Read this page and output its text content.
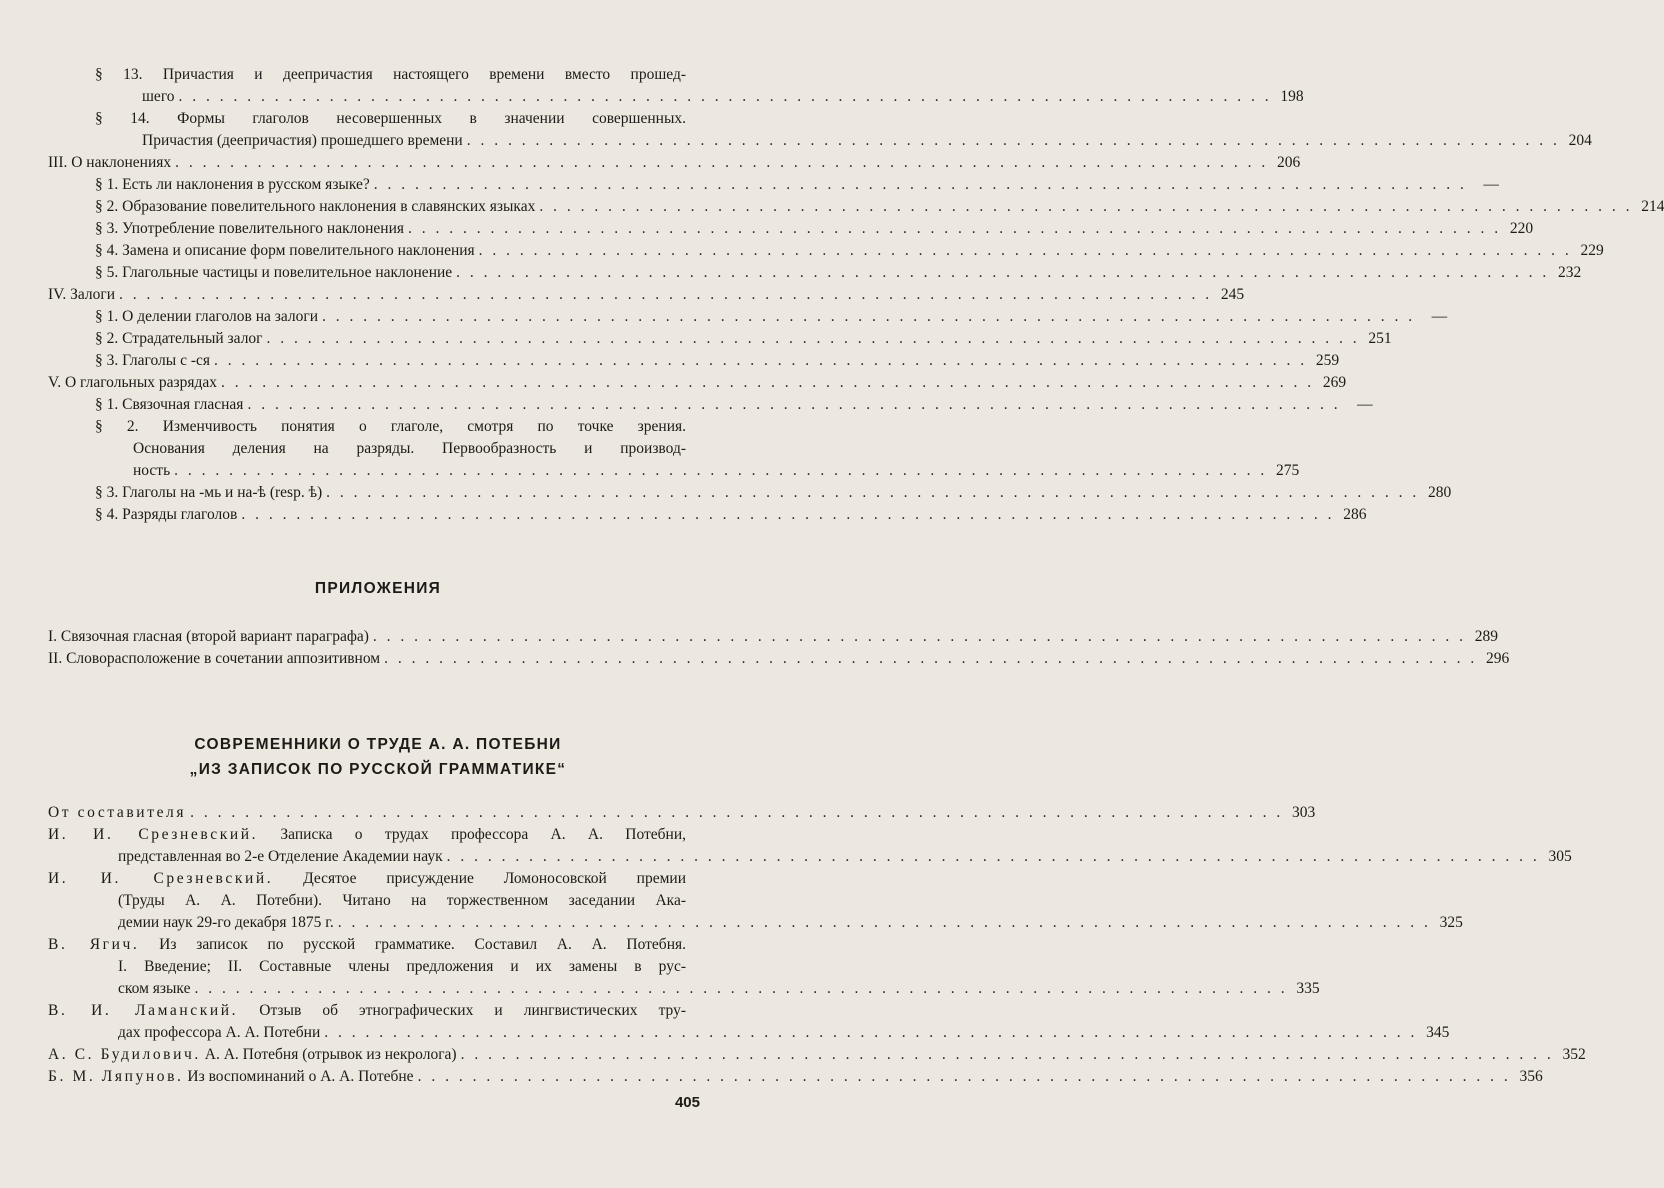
§ 13. Причастия и деепричастия настоящего времени вместо прошед-
шего . . . . . . . . . . . . . . . . . . . . . . . . . . . . . . . . . . . . . . . . . . . . . . . . . . . . . . . . . . . . . . . . . . . . . . . . . . . . . . . . 198
§ 14. Формы глаголов несовершенных в значении совершенных.
Причастия (деепричастия) прошедшего времени . . . . . . . . . . . . . . . . . . . . . . . . . . . . . . . . . . . . . . . . . . . . . . . . . . . . . . . . . . . . . . . . . . . . . . . . . . . . . . . . 204
III. О наклонениях . . . . . . . . . . . . . . . . . . . . . . . . . . . . . . . . . . . . . . . . . . . . . . . . . . . . . . . . . . . . . . . . . . . . . . . . . . . . . . . . 206
§ 1. Есть ли наклонения в русском языке? . . . . . . . . . . . . . . . . . . . . . . . . . . . . . . . . . . . . . . . . . . . . . . . . . . . . . . . . . . . . . . . . . . . . . . . . . . . . . . . .	—
§ 2. Образование повелительного наклонения в славянских языках . . . . . . . . . . . . . . . . . . . . . . . . . . . . . . . . . . . . . . . . . . . . . . . . . . . . . . . . . . . . . . . . . . . . . . . . . . . . . . . . 214
§ 3. Употребление повелительного наклонения . . . . . . . . . . . . . . . . . . . . . . . . . . . . . . . . . . . . . . . . . . . . . . . . . . . . . . . . . . . . . . . . . . . . . . . . . . . . . . . . 220
§ 4. Замена и описание форм повелительного наклонения . . . . . . . . . . . . . . . . . . . . . . . . . . . . . . . . . . . . . . . . . . . . . . . . . . . . . . . . . . . . . . . . . . . . . . . . . . . . . . . . 229
§ 5. Глагольные частицы и повелительное наклонение . . . . . . . . . . . . . . . . . . . . . . . . . . . . . . . . . . . . . . . . . . . . . . . . . . . . . . . . . . . . . . . . . . . . . . . . . . . . . . . . 232
IV. Залоги . . . . . . . . . . . . . . . . . . . . . . . . . . . . . . . . . . . . . . . . . . . . . . . . . . . . . . . . . . . . . . . . . . . . . . . . . . . . . . . . 245
§ 1. О делении глаголов на залоги . . . . . . . . . . . . . . . . . . . . . . . . . . . . . . . . . . . . . . . . . . . . . . . . . . . . . . . . . . . . . . . . . . . . . . . . . . . . . . . .	—
§ 2. Страдательный залог . . . . . . . . . . . . . . . . . . . . . . . . . . . . . . . . . . . . . . . . . . . . . . . . . . . . . . . . . . . . . . . . . . . . . . . . . . . . . . . . 251
§ 3. Глаголы с -ся . . . . . . . . . . . . . . . . . . . . . . . . . . . . . . . . . . . . . . . . . . . . . . . . . . . . . . . . . . . . . . . . . . . . . . . . . . . . . . . . 259
V. О глагольных разрядах . . . . . . . . . . . . . . . . . . . . . . . . . . . . . . . . . . . . . . . . . . . . . . . . . . . . . . . . . . . . . . . . . . . . . . . . . . . . . . . . 269
§ 1. Связочная гласная . . . . . . . . . . . . . . . . . . . . . . . . . . . . . . . . . . . . . . . . . . . . . . . . . . . . . . . . . . . . . . . . . . . . . . . . . . . . . . . .	—
§ 2. Изменчивость понятия о глаголе, смотря по точке зрения.
Основания деления на разряды. Первообразность и производ-
ность . . . . . . . . . . . . . . . . . . . . . . . . . . . . . . . . . . . . . . . . . . . . . . . . . . . . . . . . . . . . . . . . . . . . . . . . . . . . . . . . 275
§ 3. Глаголы на -мь и на-ѣ (resp. ѣ) . . . . . . . . . . . . . . . . . . . . . . . . . . . . . . . . . . . . . . . . . . . . . . . . . . . . . . . . . . . . . . . . . . . . . . . . . . . . . . . . 280
§ 4. Разряды глаголов . . . . . . . . . . . . . . . . . . . . . . . . . . . . . . . . . . . . . . . . . . . . . . . . . . . . . . . . . . . . . . . . . . . . . . . . . . . . . . . . 286
ПРИЛОЖЕНИЯ
I. Связочная гласная (второй вариант параграфа) . . . . . . . . . . . . . . . . . . . . . . . . . . . . . . . . . . . . . . . . . . . . . . . . . . . . . . . . . . . . . . . . . . . . . . . . . . . . . . . . 289
II. Словорасположение в сочетании аппозитивном . . . . . . . . . . . . . . . . . . . . . . . . . . . . . . . . . . . . . . . . . . . . . . . . . . . . . . . . . . . . . . . . . . . . . . . . . . . . . . . . 296
СОВРЕМЕННИКИ О ТРУДЕ А. А. ПОТЕБНИ
„ИЗ ЗАПИСОК ПО РУССКОЙ ГРАММАТИКЕ“
От составителя . . . . . . . . . . . . . . . . . . . . . . . . . . . . . . . . . . . . . . . . . . . . . . . . . . . . . . . . . . . . . . . . . . . . . . . . . . . . . . . . 303
И. И. Срезневский. Записка о трудах профессора А. А. Потебни,
представленная во 2-е Отделение Академии наук . . . . . . . . . . . . . . . . . . . . . . . . . . . . . . . . . . . . . . . . . . . . . . . . . . . . . . . . . . . . . . . . . . . . . . . . . . . . . . . . 305
И. И. Срезневский. Десятое присуждение Ломоносовской премии
(Труды А. А. Потебни). Читано на торжественном заседании Ака-
демии наук 29-го декабря 1875 г. . . . . . . . . . . . . . . . . . . . . . . . . . . . . . . . . . . . . . . . . . . . . . . . . . . . . . . . . . . . . . . . . . . . . . . . . . . . . . . . . 325
В. Ягич. Из записок по русской грамматике. Составил А. А. Потебня.
I. Введение; II. Составные члены предложения и их замены в рус-
ском языке . . . . . . . . . . . . . . . . . . . . . . . . . . . . . . . . . . . . . . . . . . . . . . . . . . . . . . . . . . . . . . . . . . . . . . . . . . . . . . . . 335
В. И. Ламанский. Отзыв об этнографических и лингвистических тру-
дах профессора А. А. Потебни . . . . . . . . . . . . . . . . . . . . . . . . . . . . . . . . . . . . . . . . . . . . . . . . . . . . . . . . . . . . . . . . . . . . . . . . . . . . . . . . 345
А. С. Будилович. А. А. Потебня (отрывок из некролога) . . . . . . . . . . . . . . . . . . . . . . . . . . . . . . . . . . . . . . . . . . . . . . . . . . . . . . . . . . . . . . . . . . . . . . . . . . . . . . . . 352
Б. М. Ляпунов. Из воспоминаний о А. А. Потебне . . . . . . . . . . . . . . . . . . . . . . . . . . . . . . . . . . . . . . . . . . . . . . . . . . . . . . . . . . . . . . . . . . . . . . . . . . . . . . . . 356
405
